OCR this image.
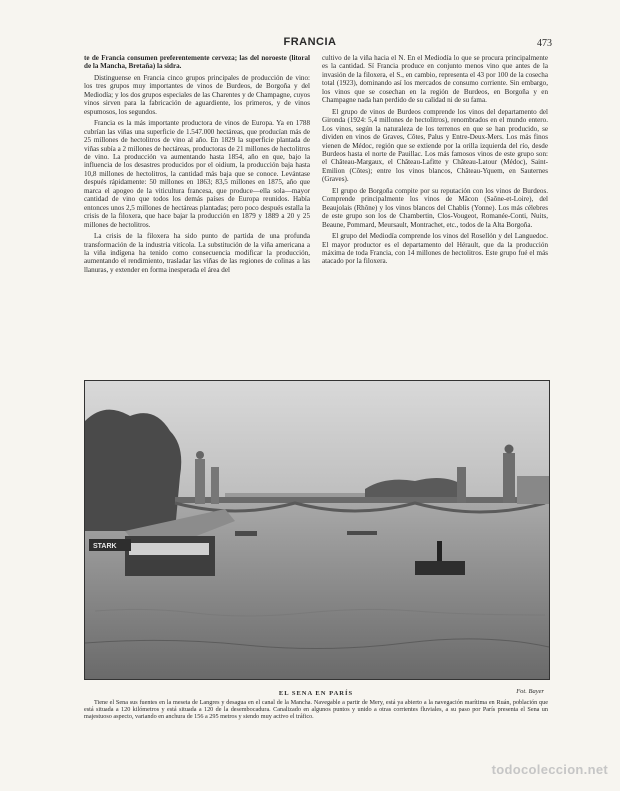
FRANCIA	473

te de Francia consumen preferentemente cerveza; las del noroeste (litoral de la Mancha, Bretaña) la sidra.

Distinguense en Francia cinco grupos principales de producción de vino: los tres grupos muy importantes de vinos de Burdeos, de Borgoña y del Mediodía; y los dos grupos especiales de las Charentes y de Champagne, cuyos vinos sirven para la fabricación de aguardiente, los primeros, y de vinos espumosos, los segundos.

Francia es la más importante productora de vinos de Europa. Ya en 1788 cubrían las viñas una superficie de 1.547.000 hectáreas, que producían más de 25 millones de hectolitros de vino al año. En 1829 la superficie plantada de viñas subía a 2 millones de hectáreas, productoras de 21 millones de hectolitros de vino. La producción va aumentando hasta 1854, año en que, bajo la influencia de los desastres producidos por el oidium, la producción baja hasta 10,8 millones de hectolitros, la cantidad más baja que se conoce. Levántase después rápidamente: 50 millones en 1863; 83,5 millones en 1875, año que marca el apogeo de la viticultura francesa, que produce—ella sola—mayor cantidad de vino que todos los demás países de Europa reunidos. Había entonces unos 2,5 millones de hectáreas plantadas; pero poco después estalla la crisis de la filoxera, que hace bajar la producción en 1879 y 1889 a 20 y 25 millones de hectolitros.

La crisis de la filoxera ha sido punto de partida de una profunda transformación de la industria vitícola. La substitución de la viña americana a la viña indígena ha tenido como consecuencia modificar la producción, aumentando el rendimiento, trasladar las viñas de las regiones de colinas a las llanuras, y extender en forma inesperada el área del

cultivo de la viña hacia el N. En el Mediodía lo que se procura principalmente es la cantidad. Sí Francia produce en conjunto menos vino que antes de la invasión de la filoxera, el S., en cambio, representa el 43 por 100 de la cosecha total (1923), dominando así los mercados de consumo corriente. Sin embargo, los vinos que se cosechan en la región de Burdeos, en Borgoña y en Champagne nada han perdido de su calidad ni de su fama.

El grupo de vinos de Burdeos comprende los vinos del departamento del Gironda (1924: 5,4 millones de hectolitros), renombrados en el mundo entero. Los vinos, según la naturaleza de los terrenos en que se han producido, se dividen en vinos de Graves, Côtes, Palus y Entre-Deux-Mers. Los más finos vienen de Médoc, región que se extiende por la orilla izquierda del río, desde Burdeos hasta el norte de Pauillac. Los más famosos vinos de este grupo son: el Château-Margaux, el Château-Lafitte y Château-Latour (Médoc), Saint-Emilion (Côtes); entre los vinos blancos, Château-Yquem, en Sauternes (Graves).

El grupo de Borgoña compite por su reputación con los vinos de Burdeos. Comprende principalmente los vinos de Mâcon (Saône-et-Loire), del Beaujolais (Rhône) y los vinos blancos del Chablis (Yonne). Los más célebres de este grupo son los de Chambertin, Clos-Vougeot, Romanée-Conti, Nuits, Beaune, Pommard, Meursault, Montrachet, etc., todos de la Alta Borgoña.

El grupo del Mediodía comprende los vinos del Rosellón y del Languedoc. El mayor productor es el departamento del Hérault, que da la producción máxima de toda Francia, con 14 millones de hectolitros. Este grupo fué el más atacado por la filoxera.

STARK
EL SENA EN PARÍS	Fot. Bayer
Tiene el Sena sus fuentes en la meseta de Langres y desagua en el canal de la Mancha. Navegable a partir de Mery, está ya abierto a la navegación marítima en Ruán, población que está situada a 120 kilómetros y está situada a 120 de la desembocadura. Canalizado en algunos puntos y unido a otras corrientes fluviales, a su paso por París presenta el Sena un majestuoso aspecto, variando en anchura de 156 a 295 metros y siendo muy activo el tráfico.
todocoleccion.net
